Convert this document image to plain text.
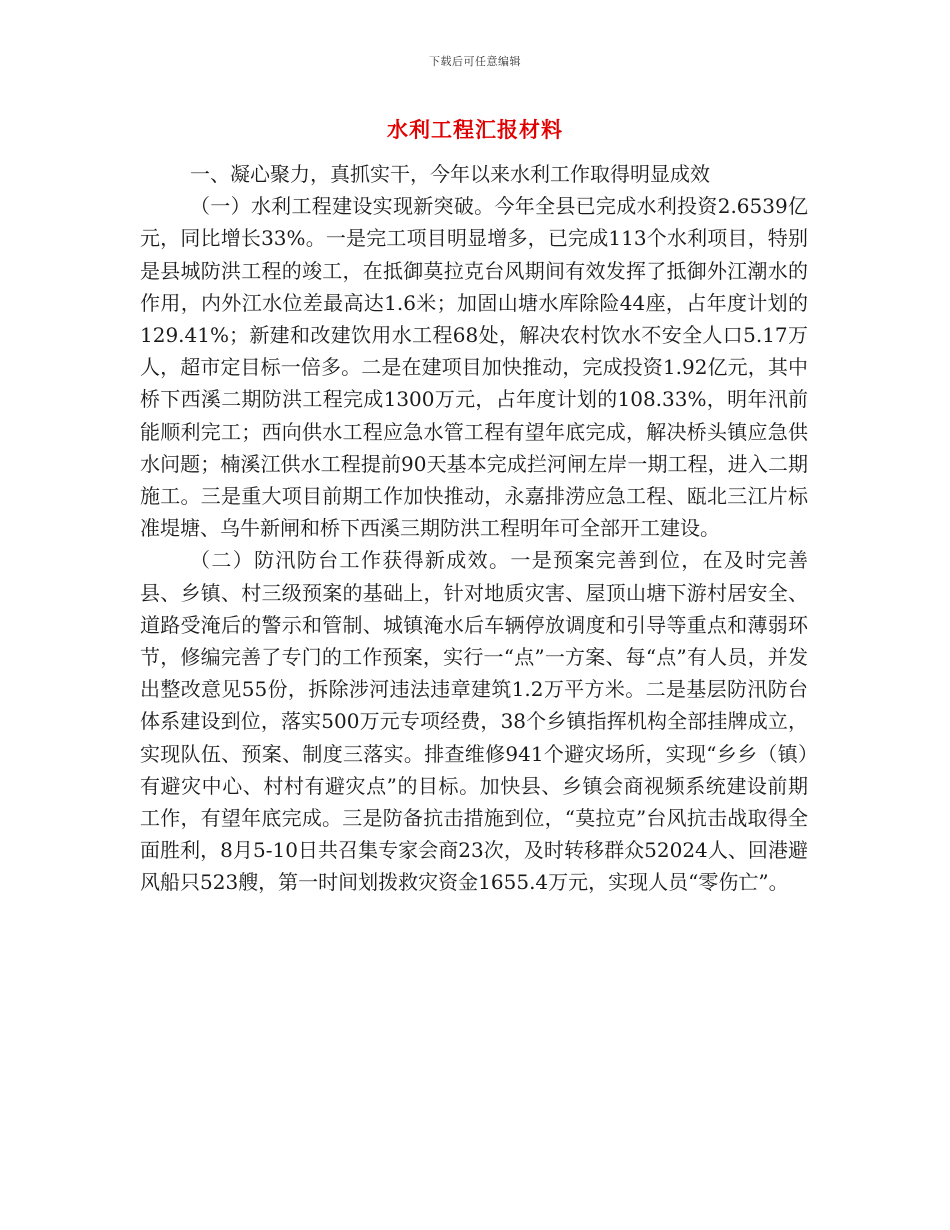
下载后可任意编辑
水利工程汇报材料

一、凝心聚力，真抓实干，今年以来水利工作取得明显成效

（一）水利工程建设实现新突破。今年全县已完成水利投资2.6539亿元，同比增长33%。一是完工项目明显增多，已完成113个水利项目，特别是县城防洪工程的竣工，在抵御莫拉克台风期间有效发挥了抵御外江潮水的作用，内外江水位差最高达1.6米；加固山塘水库除险44座，占年度计划的129.41%；新建和改建饮用水工程68处，解决农村饮水不安全人口5.17万人，超市定目标一倍多。二是在建项目加快推动，完成投资1.92亿元，其中桥下西溪二期防洪工程完成1300万元，占年度计划的108.33%，明年汛前能顺利完工；西向供水工程应急水管工程有望年底完成，解决桥头镇应急供水问题；楠溪江供水工程提前90天基本完成拦河闸左岸一期工程，进入二期施工。三是重大项目前期工作加快推动，永嘉排涝应急工程、瓯北三江片标准堤塘、乌牛新闸和桥下西溪三期防洪工程明年可全部开工建设。

（二）防汛防台工作获得新成效。一是预案完善到位，在及时完善县、乡镇、村三级预案的基础上，针对地质灾害、屋顶山塘下游村居安全、道路受淹后的警示和管制、城镇淹水后车辆停放调度和引导等重点和薄弱环节，修编完善了专门的工作预案，实行一“点”一方案、每“点”有人员，并发出整改意见55份，拆除涉河违法违章建筑1.2万平方米。二是基层防汛防台体系建设到位，落实500万元专项经费，38个乡镇指挥机构全部挂牌成立，实现队伍、预案、制度三落实。排查维修941个避灾场所，实现“乡乡（镇）有避灾中心、村村有避灾点”的目标。加快县、乡镇会商视频系统建设前期工作，有望年底完成。三是防备抗击措施到位，“莫拉克”台风抗击战取得全面胜利，8月5-10日共召集专家会商23次，及时转移群众52024人、回港避风船只523艘，第一时间划拨救灾资金1655.4万元，实现人员“零伤亡”。
